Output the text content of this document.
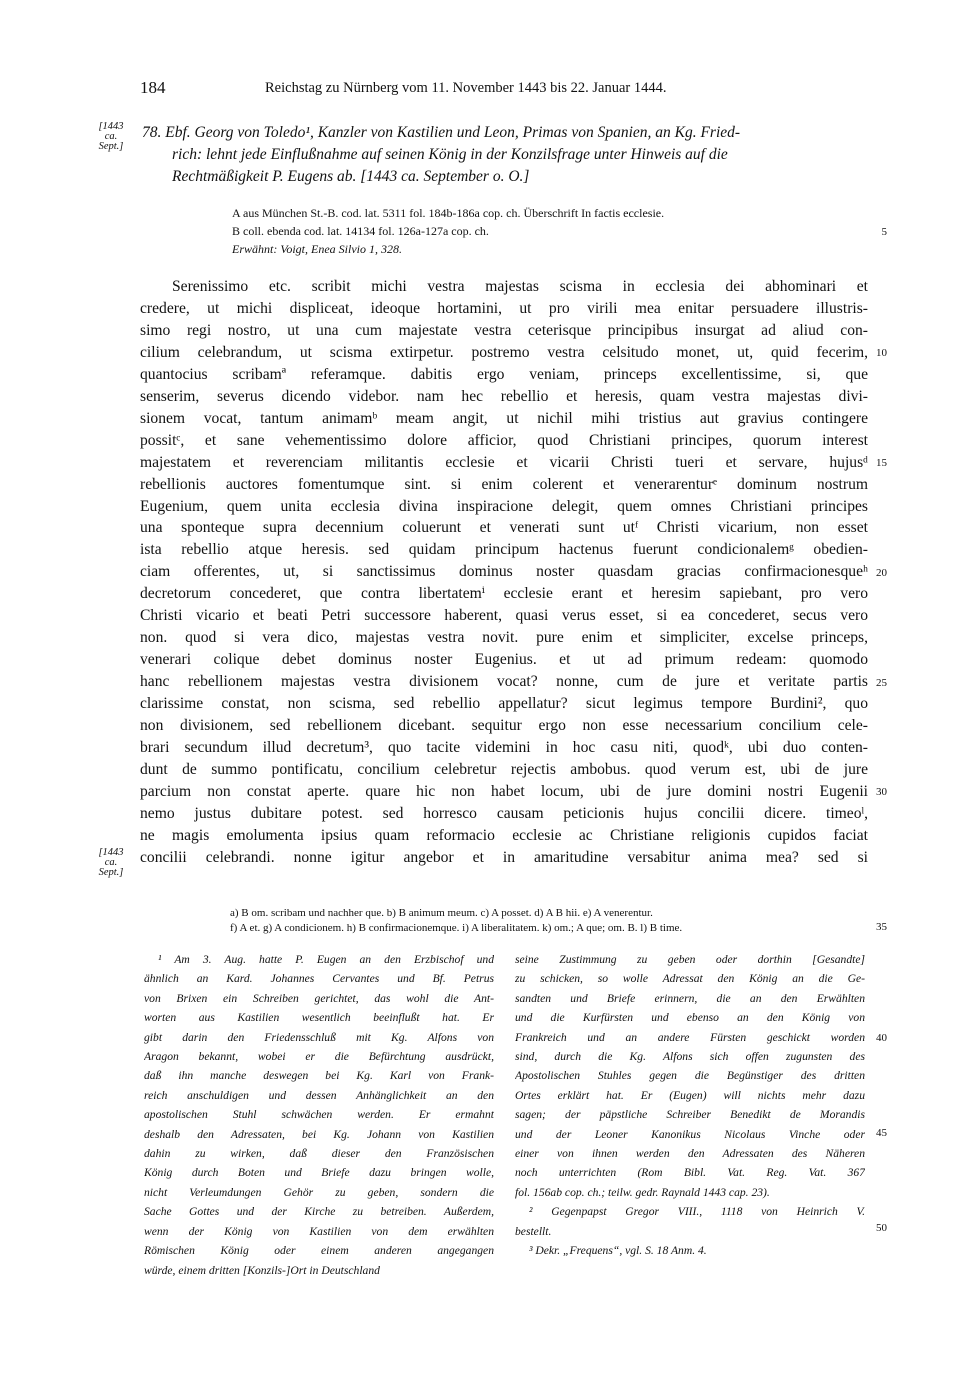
184	Reichstag zu Nürnberg vom 11. November 1443 bis 22. Januar 1444.
[1443
ca.
Sept.]
78. Ebf. Georg von Toledo¹, Kanzler von Kastilien und Leon, Primas von Spanien, an Kg. Fried-
rich: lehnt jede Einflußnahme auf seinen König in der Konzilsfrage unter Hinweis auf die
Rechtmäßigkeit P. Eugens ab. [1443 ca. September o. O.]
A aus München St.-B. cod. lat. 5311 fol. 184b-186a cop. ch. Überschrift In factis ecclesie.
B coll. ebenda cod. lat. 14134 fol. 126a-127a cop. ch.
Erwähnt: Voigt, Enea Silvio 1, 328.
5
Serenissimo etc. scribit michi vestra majestas scisma in ecclesia dei abhominari et
credere, ut michi displiceat, ideoque hortamini, ut pro virili mea enitar persuadere illustris-
simo regi nostro, ut una cum majestate vestra ceterisque principibus insurgat ad aliud con-
cilium celebrandum, ut scisma extirpetur. postremo vestra celsitudo monet, ut, quid fecerim,
quantocius scribamª referamque. dabitis ergo veniam, princeps excellentissime, si, que
senserim, severus dicendo videbor. nam hec rebellio et heresis, quam vestra majestas divi-
sionem vocat, tantum animamᵇ meam angit, ut nichil mihi tristius aut gravius contingere
possitᶜ, et sane vehementissimo dolore afficior, quod Christiani principes, quorum interest
majestatem et reverenciam militantis ecclesie et vicarii Christi tueri et servare, hujusᵈ
rebellionis auctores fomentumque sint. si enim colerent et venerarenturᵉ dominum nostrum
Eugenium, quem unita ecclesia divina inspiracione delegit, quem omnes Christiani principes
una sponteque supra decennium coluerunt et venerati sunt utᶠ Christi vicarium, non esset
ista rebellio atque heresis. sed quidam principum hactenus fuerunt condicionalemᵍ obedien-
ciam offerentes, ut, si sanctissimus dominus noster quasdam gracias confirmacionesqueʰ
decretorum concederet, que contra libertatemⁱ ecclesie erant et heresim sapiebant, pro vero
Christi vicario et beati Petri successore haberent, quasi verus esset, si ea concederet, secus vero
non. quod si vera dico, majestas vestra novit. pure enim et simpliciter, excelse princeps,
venerari colique debet dominus noster Eugenius. et ut ad primum redeam: quomodo
hanc rebellionem majestas vestra divisionem vocat? nonne, cum de jure et veritate partis
clarissime constat, non scisma, sed rebellio appellatur? sicut legimus tempore Burdini², quo
non divisionem, sed rebellionem dicebant. sequitur ergo non esse necessarium concilium cele-
brari secundum illud decretum³, quo tacite videmini in hoc casu niti, quodᵏ, ubi duo conten-
dunt de summo pontificatu, concilium celebretur rejectis ambobus. quod verum est, ubi de jure
parcium non constat aperte. quare hic non habet locum, ubi de jure domini nostri Eugenii
nemo justus dubitare potest. sed horresco causam peticionis hujus concilii dicere. timeoˡ,
ne magis emolumenta ipsius quam reformacio ecclesie ac Christiane religionis cupidos faciat
concilii celebrandi. nonne igitur angebor et in amaritudine versabitur anima mea? sed si
10
15
20
25
30
[1443
ca.
Sept.]
a) B om. scribam und nachher que. b) B animum meum. c) A posset. d) A B hii. e) A venerentur.
f) A et. g) A condicionem. h) B confirmacionemque. i) A liberalitatem. k) om.; A que; om. B. l) B time.	35
¹ Am 3. Aug. hatte P. Eugen an den Erzbischof und
ähnlich an Kard. Johannes Cervantes und Bf. Petrus
von Brixen ein Schreiben gerichtet, das wohl die Ant-
worten aus Kastilien wesentlich beeinflußt hat. Er
gibt darin den Friedensschluß mit Kg. Alfons von
Aragon bekannt, wobei er die Befürchtung ausdrückt,
daß ihn manche deswegen bei Kg. Karl von Frank-
reich anschuldigen und dessen Anhänglichkeit an den
apostolischen Stuhl schwächen werden. Er ermahnt
deshalb den Adressaten, bei Kg. Johann von Kastilien
dahin zu wirken, daß dieser den Französischen
König durch Boten und Briefe dazu bringen wolle,
nicht Verleumdungen Gehör zu geben, sondern die
Sache Gottes und der Kirche zu betreiben. Außerdem,
wenn der König von Kastilien von dem erwählten
Römischen König oder einem anderen angegangen
würde, einem dritten [Konzils-]Ort in Deutschland
seine Zustimmung zu geben oder dorthin [Gesandte]
zu schicken, so wolle Adressat den König an die Ge-
sandten und Briefe erinnern, die an den Erwählten
und die Kurfürsten und ebenso an den König von
Frankreich und an andere Fürsten geschickt worden
sind, durch die Kg. Alfons sich offen zugunsten des
Apostolischen Stuhles gegen die Begünstiger des dritten
Ortes erklärt hat. Er (Eugen) will nichts mehr dazu
sagen; der päpstliche Schreiber Benedikt de Morandis
und der Leoner Kanonikus Nicolaus Vinche oder
einer von ihnen werden den Adressaten des Näheren
noch unterrichten (Rom Bibl. Vat. Reg. Vat. 367
fol. 156ab cop. ch.; teilw. gedr. Raynald 1443 cap. 23).
² Gegenpapst Gregor VIII., 1118 von Heinrich V.
bestellt.
³ Dekr. „Frequens“, vgl. S. 18 Anm. 4.
40
45
50
